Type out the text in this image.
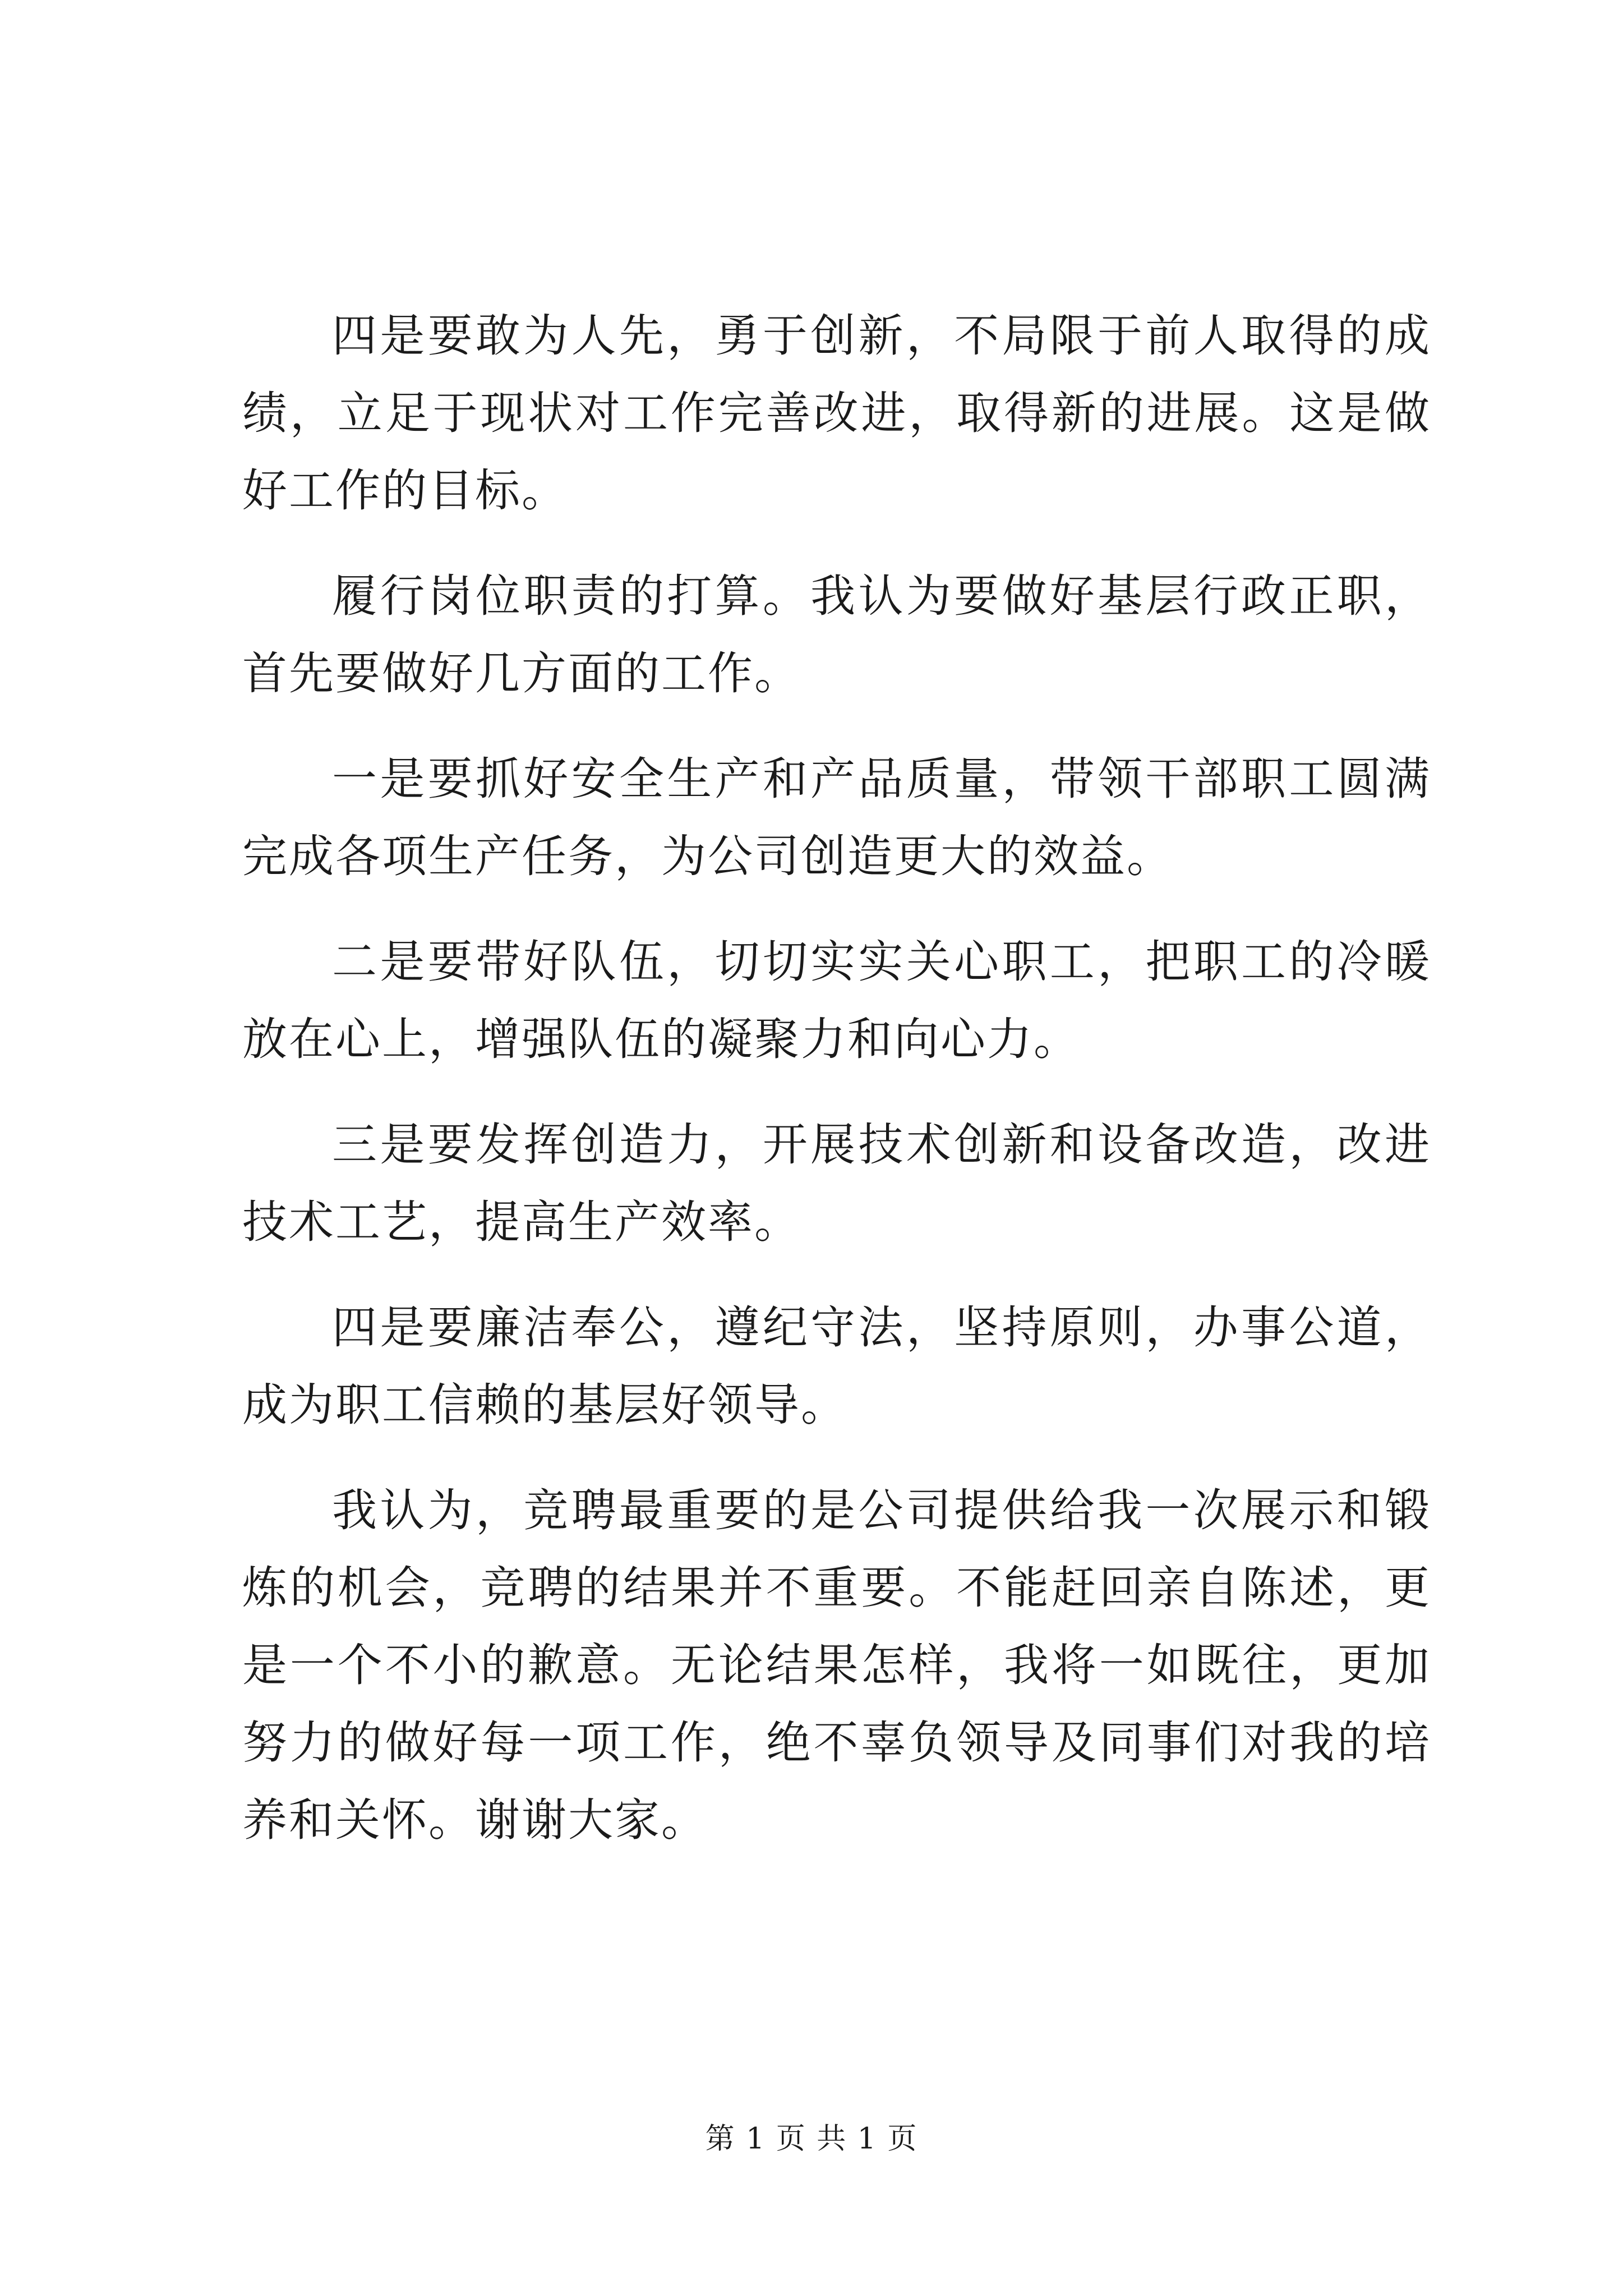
四是要敢为人先，勇于创新，不局限于前人取得的成绩，立足于现状对工作完善改进，取得新的进展。这是做好工作的目标。

履行岗位职责的打算。我认为要做好基层行政正职，首先要做好几方面的工作。

一是要抓好安全生产和产品质量，带领干部职工圆满完成各项生产任务，为公司创造更大的效益。

二是要带好队伍，切切实实关心职工，把职工的冷暖放在心上，增强队伍的凝聚力和向心力。

三是要发挥创造力，开展技术创新和设备改造，改进技术工艺，提高生产效率。

四是要廉洁奉公，遵纪守法，坚持原则，办事公道，成为职工信赖的基层好领导。

我认为，竞聘最重要的是公司提供给我一次展示和锻炼的机会，竞聘的结果并不重要。不能赶回亲自陈述，更是一个不小的歉意。无论结果怎样，我将一如既往，更加努力的做好每一项工作，绝不辜负领导及同事们对我的培养和关怀。谢谢大家。

第 1 页 共 1 页
